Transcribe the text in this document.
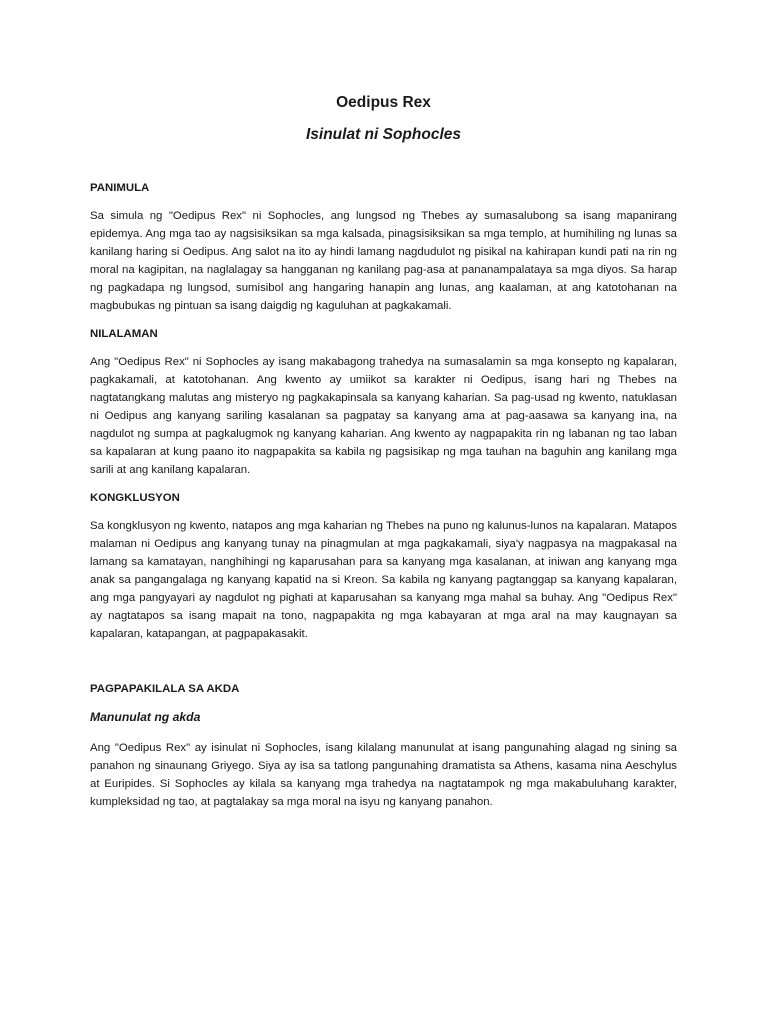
Oedipus Rex
Isinulat ni Sophocles
PANIMULA

Sa simula ng "Oedipus Rex" ni Sophocles, ang lungsod ng Thebes ay sumasalubong sa isang mapanirang epidemya. Ang mga tao ay nagsisiksikan sa mga kalsada, pinagsisiksikan sa mga templo, at humihiling ng lunas sa kanilang haring si Oedipus. Ang salot na ito ay hindi lamang nagdudulot ng pisikal na kahirapan kundi pati na rin ng moral na kagipitan, na naglalagay sa hangganan ng kanilang pag-asa at pananampalataya sa mga diyos. Sa harap ng pagkadapa ng lungsod, sumisibol ang hangaring hanapin ang lunas, ang kaalaman, at ang katotohanan na magbubukas ng pintuan sa isang daigdig ng kaguluhan at pagkakamali.

NILALAMAN

Ang "Oedipus Rex" ni Sophocles ay isang makabagong trahedya na sumasalamin sa mga konsepto ng kapalaran, pagkakamali, at katotohanan. Ang kwento ay umiikot sa karakter ni Oedipus, isang hari ng Thebes na nagtatangkang malutas ang misteryo ng pagkakapinsala sa kanyang kaharian. Sa pag-usad ng kwento, natuklasan ni Oedipus ang kanyang sariling kasalanan sa pagpatay sa kanyang ama at pag-aasawa sa kanyang ina, na nagdulot ng sumpa at pagkalugmok ng kanyang kaharian. Ang kwento ay nagpapakita rin ng labanan ng tao laban sa kapalaran at kung paano ito nagpapakita sa kabila ng pagsisikap ng mga tauhan na baguhin ang kanilang mga sarili at ang kanilang kapalaran.

KONGKLUSYON

Sa kongklusyon ng kwento, natapos ang mga kaharian ng Thebes na puno ng kalunus-lunos na kapalaran. Matapos malaman ni Oedipus ang kanyang tunay na pinagmulan at mga pagkakamali, siya'y nagpasya na magpakasal na lamang sa kamatayan, nanghihingi ng kaparusahan para sa kanyang mga kasalanan, at iniwan ang kanyang mga anak sa pangangalaga ng kanyang kapatid na si Kreon. Sa kabila ng kanyang pagtanggap sa kanyang kapalaran, ang mga pangyayari ay nagdulot ng pighati at kaparusahan sa kanyang mga mahal sa buhay. Ang "Oedipus Rex" ay nagtatapos sa isang mapait na tono, nagpapakita ng mga kabayaran at mga aral na may kaugnayan sa kapalaran, katapangan, at pagpapakasakit.

PAGPAPAKILALA SA AKDA
Manunulat ng akda

Ang "Oedipus Rex" ay isinulat ni Sophocles, isang kilalang manunulat at isang pangunahing alagad ng sining sa panahon ng sinaunang Griyego. Siya ay isa sa tatlong pangunahing dramatista sa Athens, kasama nina Aeschylus at Euripides. Si Sophocles ay kilala sa kanyang mga trahedya na nagtatampok ng mga makabuluhang karakter, kumpleksidad ng tao, at pagtalakay sa mga moral na isyu ng kanyang panahon.
